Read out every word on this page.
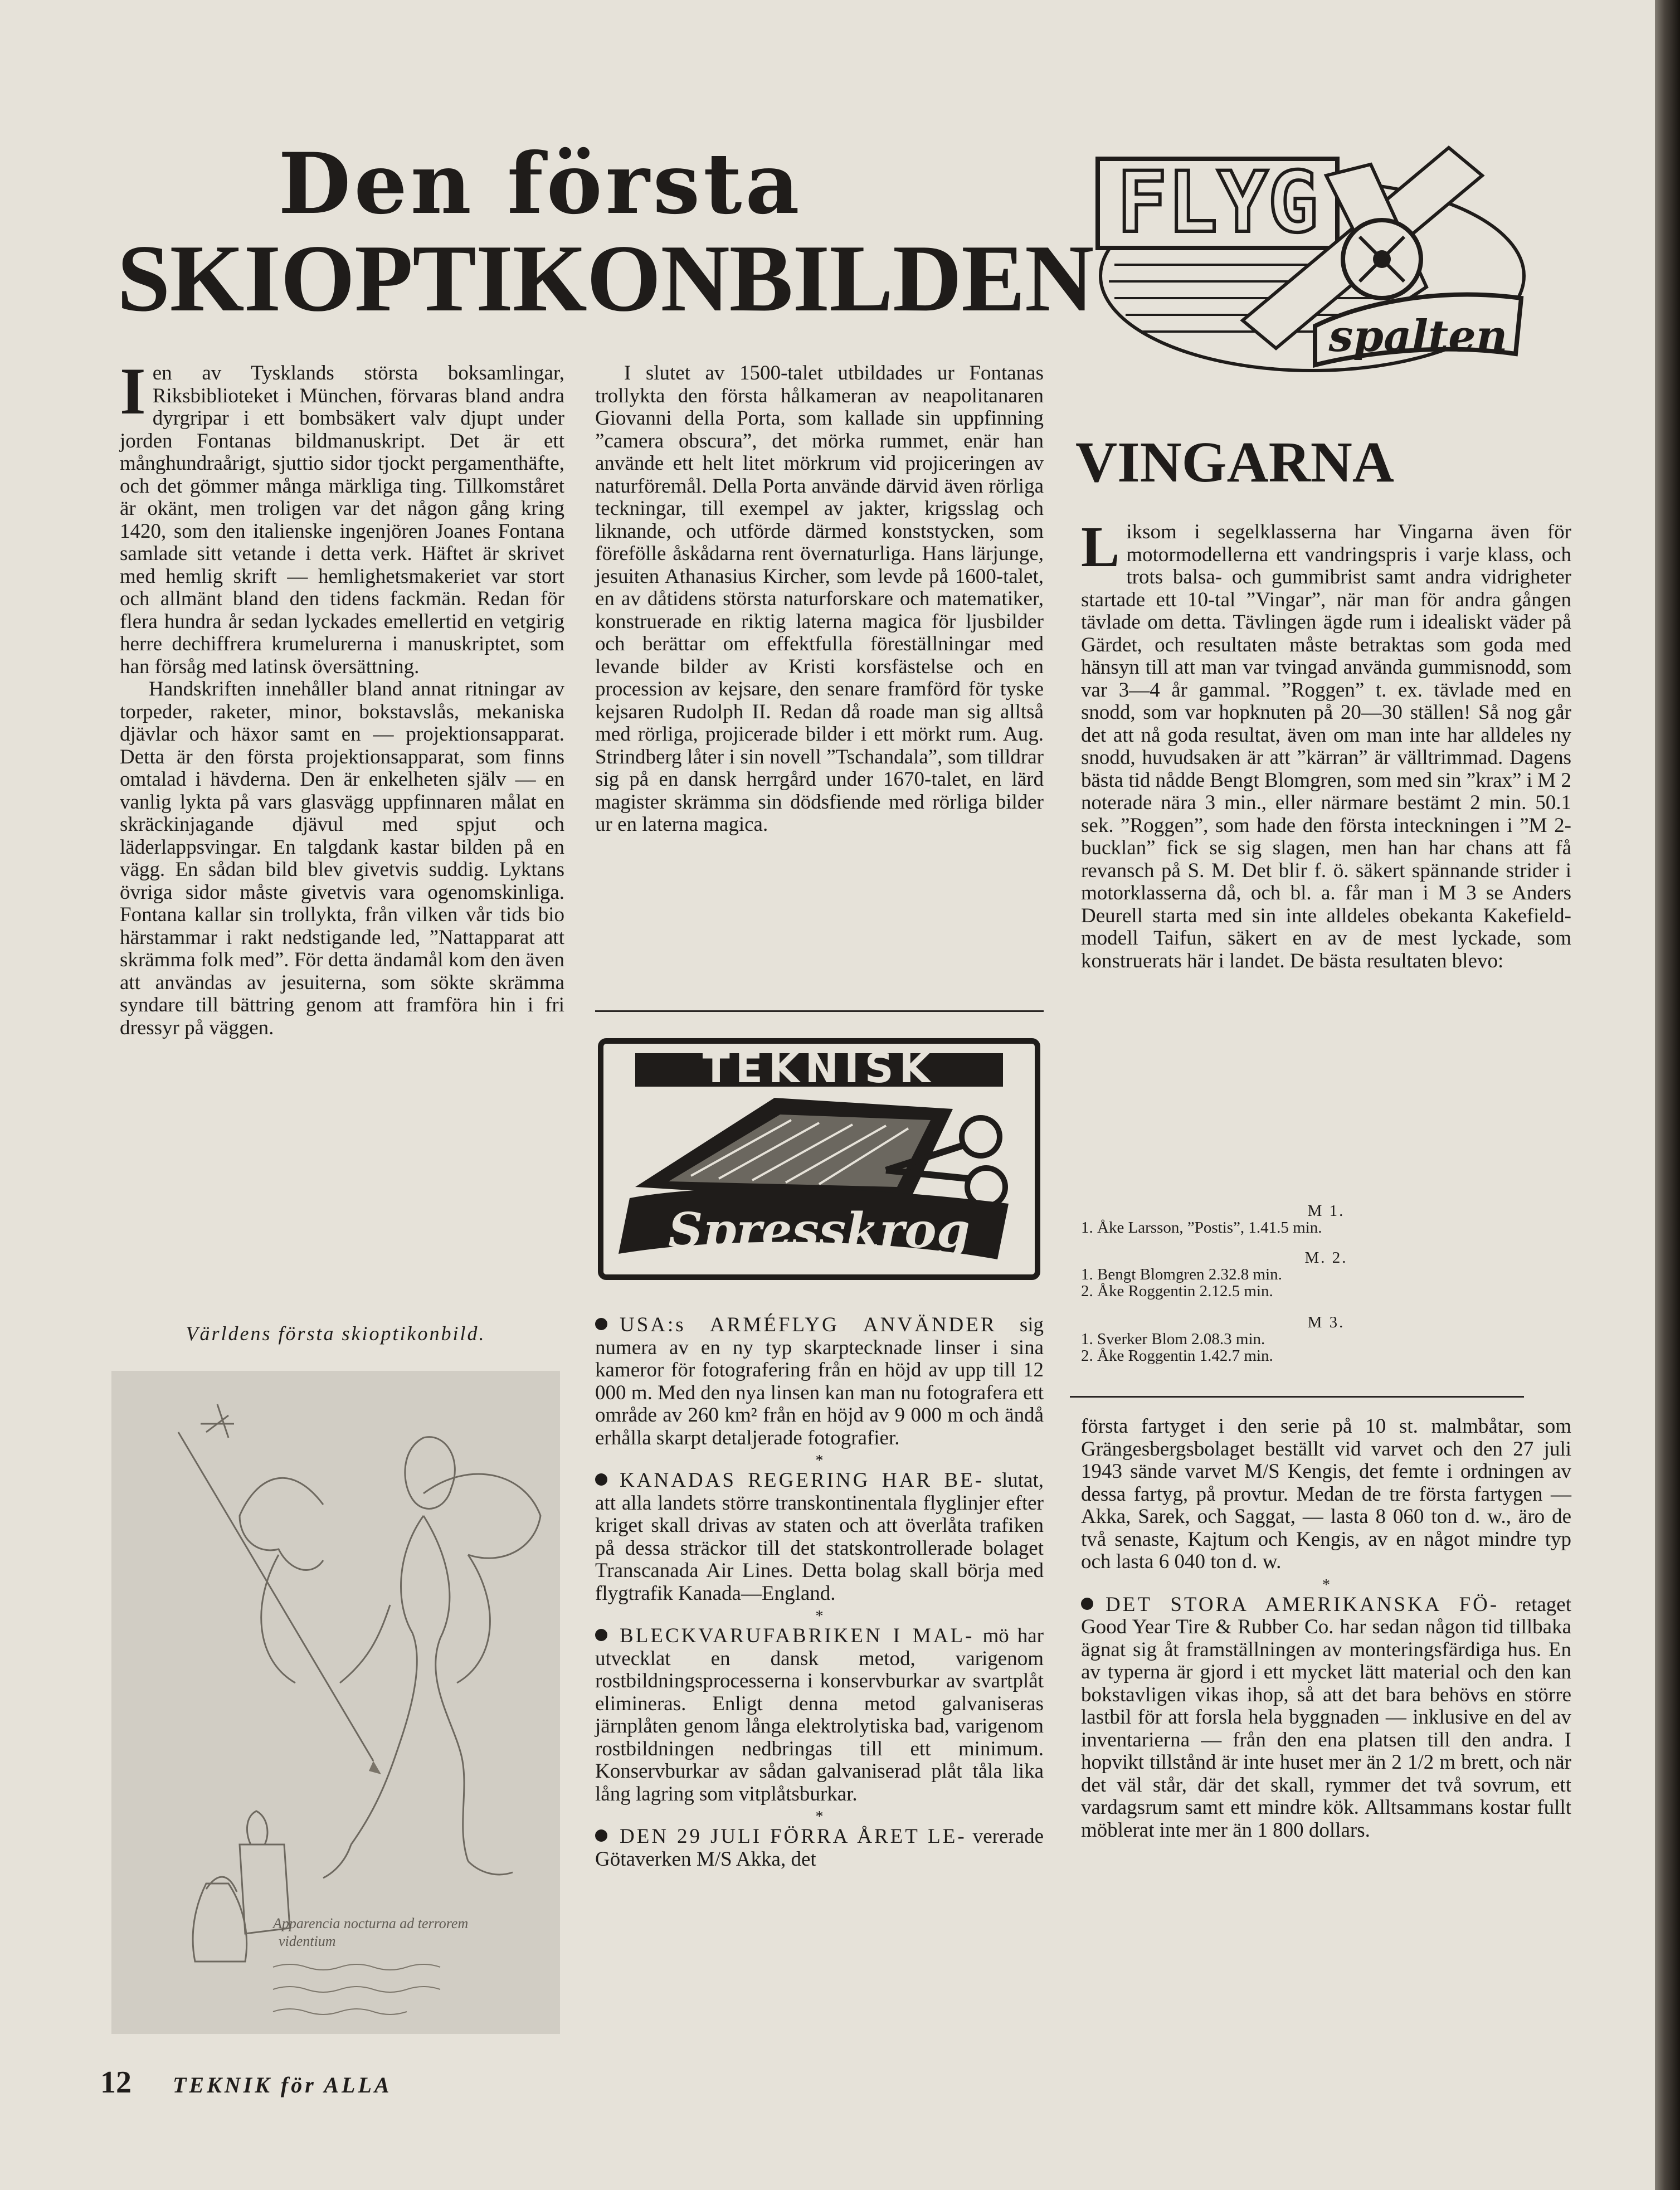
Den första
SKIOPTIKONBILDEN

Ien av Tysklands största boksamlingar, Riksbiblioteket i München, förvaras bland andra dyrgripar i ett bombsäkert valv djupt under jorden Fontanas bildmanuskript. Det är ett månghundraårigt, sjuttio sidor tjockt pergamenthäfte, och det gömmer många märkliga ting. Tillkomståret är okänt, men troligen var det någon gång kring 1420, som den italienske ingenjören Joanes Fontana samlade sitt vetande i detta verk. Häftet är skrivet med hemlig skrift — hemlighetsmakeriet var stort och allmänt bland den tidens fackmän. Redan för flera hundra år sedan lyckades emellertid en vetgirig herre dechiffrera krumelurerna i manuskriptet, som han försåg med latinsk översättning.

Handskriften innehåller bland annat ritningar av torpeder, raketer, minor, bokstavslås, mekaniska djävlar och häxor samt en — projektionsapparat. Detta är den första projektionsapparat, som finns omtalad i hävderna. Den är enkelheten själv — en vanlig lykta på vars glasvägg uppfinnaren målat en skräckinjagande djävul med spjut och läderlappsvingar. En talgdank kastar bilden på en vägg. En sådan bild blev givetvis suddig. Lyktans övriga sidor måste givetvis vara ogenomskinliga. Fontana kallar sin trollykta, från vilken vår tids bio härstammar i rakt nedstigande led, ”Nattapparat att skrämma folk med”. För detta ändamål kom den även att användas av jesuiterna, som sökte skrämma syndare till bättring genom att framföra hin i fri dressyr på väggen.

Världens första skioptikonbild.
Apparencia nocturna ad terrorem
videntium

I slutet av 1500-talet utbildades ur Fontanas trollykta den första hålkameran av neapolitanaren Giovanni della Porta, som kallade sin uppfinning ”camera obscura”, det mörka rummet, enär han använde ett helt litet mörkrum vid projiceringen av naturföremål. Della Porta använde därvid även rörliga teckningar, till exempel av jakter, krigsslag och liknande, och utförde därmed konststycken, som förefölle åskådarna rent övernaturliga. Hans lärjunge, jesuiten Athanasius Kircher, som levde på 1600-talet, en av dåtidens största naturforskare och matematiker, konstruerade en riktig laterna magica för ljusbilder och berättar om effektfulla föreställningar med levande bilder av Kristi korsfästelse och en procession av kejsare, den senare framförd för tyske kejsaren Rudolph II. Redan då roade man sig alltså med rörliga, projicerade bilder i ett mörkt rum. Aug. Strindberg låter i sin novell ”Tschandala”, som tilldrar sig på en dansk herrgård under 1670-talet, en lärd magister skrämma sin dödsfiende med rörliga bilder ur en laterna magica.

TEKNISK
Spresskrog

USA:s ARMÉFLYG ANVÄNDER sig numera av en ny typ skarptecknade linser i sina kameror för fotografering från en höjd av upp till 12 000 m. Med den nya linsen kan man nu fotografera ett område av 260 km² från en höjd av 9 000 m och ändå erhålla skarpt detaljerade fotografier.

*

KANADAS REGERING HAR BE- slutat, att alla landets större transkontinentala flyglinjer efter kriget skall drivas av staten och att överlåta trafiken på dessa sträckor till det statskontrollerade bolaget Transcanada Air Lines. Detta bolag skall börja med flygtrafik Kanada—England.

*

BLECKVARUFABRIKEN I MAL- mö har utvecklat en dansk metod, varigenom rostbildningsprocesserna i konservburkar av svartplåt elimineras. Enligt denna metod galvaniseras järnplåten genom långa elektrolytiska bad, varigenom rostbildningen nedbringas till ett minimum. Konservburkar av sådan galvaniserad plåt tåla lika lång lagring som vitplåtsburkar.

*

DEN 29 JULI FÖRRA ÅRET LE- vererade Götaverken M/S Akka, det

FLYG
spalten
VINGARNA

Liksom i segelklasserna har Vingarna även för motormodellerna ett vandringspris i varje klass, och trots balsa- och gummibrist samt andra vidrigheter startade ett 10-tal ”Vingar”, när man för andra gången tävlade om detta. Tävlingen ägde rum i idealiskt väder på Gärdet, och resultaten måste betraktas som goda med hänsyn till att man var tvingad använda gummisnodd, som var 3—4 år gammal. ”Roggen” t. ex. tävlade med en snodd, som var hopknuten på 20—30 ställen! Så nog går det att nå goda resultat, även om man inte har alldeles ny snodd, huvudsaken är att ”kärran” är välltrimmad. Dagens bästa tid nådde Bengt Blomgren, som med sin ”krax” i M 2 noterade nära 3 min., eller närmare bestämt 2 min. 50.1 sek. ”Roggen”, som hade den första inteckningen i ”M 2-bucklan” fick se sig slagen, men han har chans att få revansch på S. M. Det blir f. ö. säkert spännande strider i motorklasserna då, och bl. a. får man i M 3 se Anders Deurell starta med sin inte alldeles obekanta Kakefield-modell Taifun, säkert en av de mest lyckade, som konstruerats här i landet. De bästa resultaten blevo:

M 1.
1. Åke Larsson, ”Postis”, 1.41.5 min.
M. 2.
1. Bengt Blomgren 2.32.8 min.
2. Åke Roggentin 2.12.5 min.
M 3.
1. Sverker Blom 2.08.3 min.
2. Åke Roggentin 1.42.7 min.

första fartyget i den serie på 10 st. malmbåtar, som Grängesbergsbolaget beställt vid varvet och den 27 juli 1943 sände varvet M/S Kengis, det femte i ordningen av dessa fartyg, på provtur. Medan de tre första fartygen — Akka, Sarek, och Saggat, — lasta 8 060 ton d. w., äro de två senaste, Kajtum och Kengis, av en något mindre typ och lasta 6 040 ton d. w.

*

DET STORA AMERIKANSKA FÖ- retaget Good Year Tire & Rubber Co. har sedan någon tid tillbaka ägnat sig åt framställningen av monteringsfärdiga hus. En av typerna är gjord i ett mycket lätt material och den kan bokstavligen vikas ihop, så att det bara behövs en större lastbil för att forsla hela byggnaden — inklusive en del av inventarierna — från den ena platsen till den andra. I hopvikt tillstånd är inte huset mer än 2 1/2 m brett, och när det väl står, där det skall, rymmer det två sovrum, ett vardagsrum samt ett mindre kök. Alltsammans kostar fullt möblerat inte mer än 1 800 dollars.

12 TEKNIK för ALLA
